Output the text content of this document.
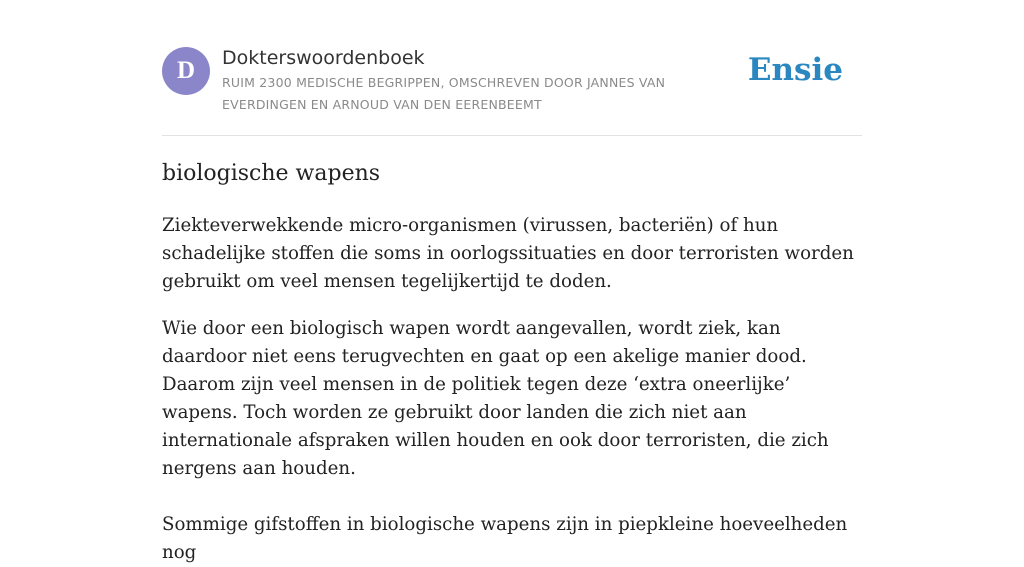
D	Dokterswoordenboek
RUIM 2300 MEDISCHE BEGRIPPEN, OMSCHREVEN DOOR JANNES VAN EVERDINGEN EN ARNOUD VAN DEN EERENBEEMT
Ensie
biologische wapens

Ziekteverwekkende micro-organismen (virussen, bacteriën) of hun schadelijke stoffen die soms in oorlogssituaties en door terroristen worden gebruikt om veel mensen tegelijkertijd te doden.

Wie door een biologisch wapen wordt aangevallen, wordt ziek, kan daardoor niet eens terugvechten en gaat op een akelige manier dood. Daarom zijn veel mensen in de politiek tegen deze ‘extra oneerlijke’ wapens. Toch worden ze gebruikt door landen die zich niet aan internationale afspraken willen houden en ook door terroristen, die zich nergens aan houden.

Sommige gifstoffen in biologische wapens zijn in piepkleine hoeveelheden nog
